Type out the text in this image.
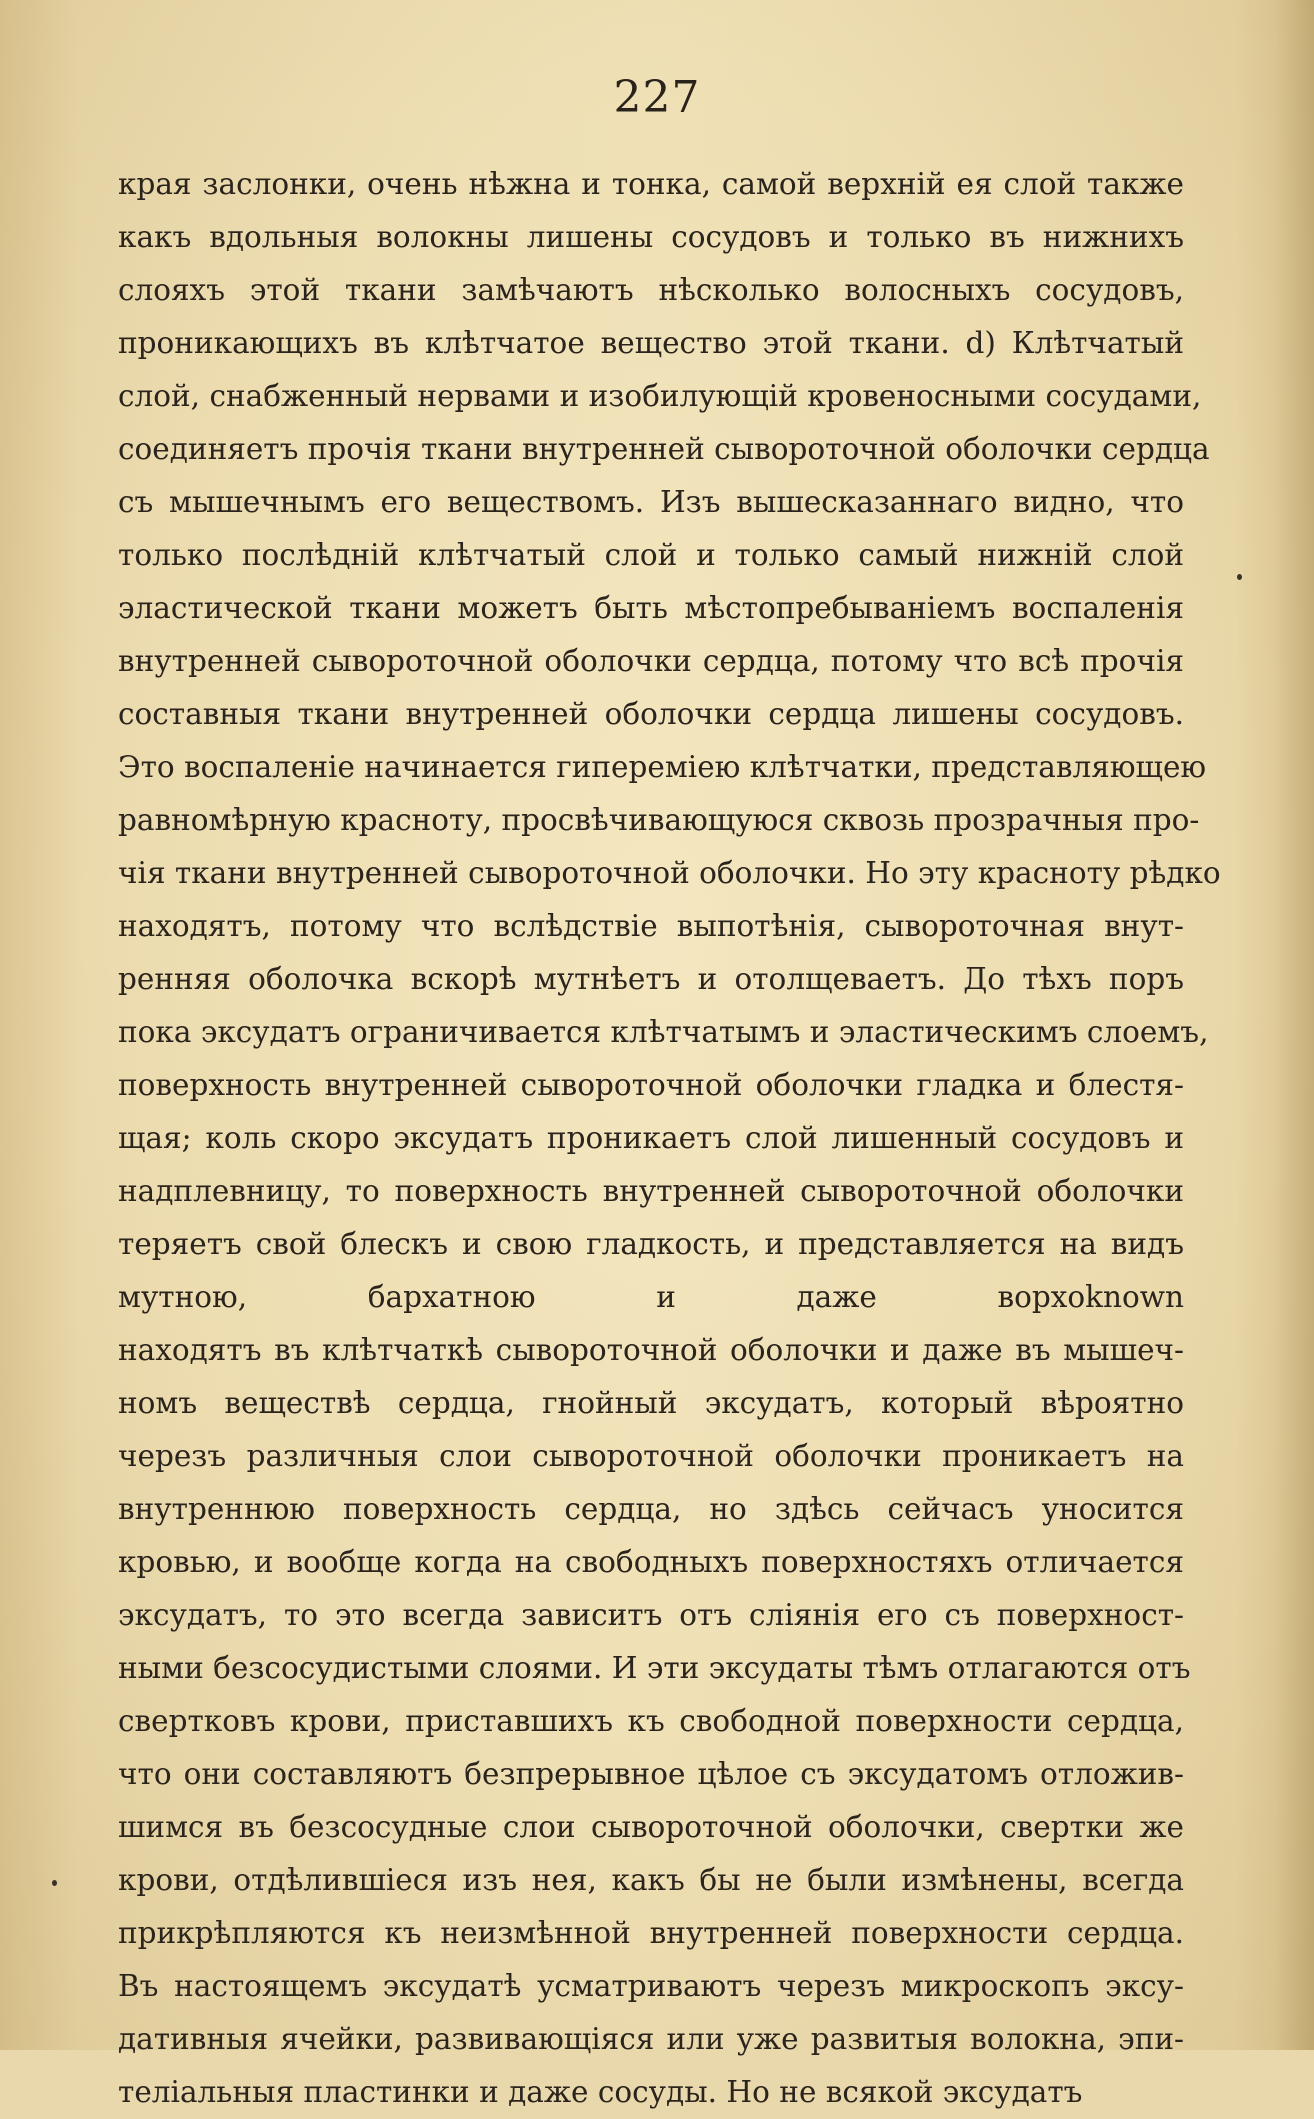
227
края заслонки, очень нѣжна и тонка, самой верхній ея слой также
какъ вдольныя волокны лишены сосудовъ и только въ нижнихъ
слояхъ этой ткани замѣчаютъ нѣсколько волосныхъ сосудовъ,
проникающихъ въ клѣтчатое вещество этой ткани. d) Клѣтчатый
слой, снабженный нервами и изобилующій кровеносными сосудами,
соединяетъ прочія ткани внутренней сывороточной оболочки сердца
съ мышечнымъ его веществомъ. Изъ вышесказаннаго видно, что
только послѣдній клѣтчатый слой и только самый нижній слой
эластической ткани можетъ быть мѣстопребываніемъ воспаленія
внутренней сывороточной оболочки сердца, потому что всѣ прочія
составныя ткани внутренней оболочки сердца лишены сосудовъ.
Это воспаленіе начинается гипереміею клѣтчатки, представляющею
равномѣрную красноту, просвѣчивающуюся сквозь прозрачныя про-
чія ткани внутренней сывороточной оболочки. Но эту красноту рѣдко
находятъ, потому что вслѣдствіе выпотѣнія, сывороточная внут-
ренняя оболочка вскорѣ мутнѣетъ и отолщеваетъ. До тѣхъ поръ
пока эксудатъ ограничивается клѣтчатымъ и эластическимъ слоемъ,
поверхность внутренней сывороточной оболочки гладка и блестя-
щая; коль скоро эксудатъ проникаетъ слой лишенный сосудовъ и
надплевницу, то поверхность внутренней сывороточной оболочки
теряетъ свой блескъ и свою гладкость, и представляется на видъ
мутною, бархатною и даже ворхоknown
находятъ въ клѣтчаткѣ сывороточной оболочки и даже въ мышеч-
номъ веществѣ сердца, гнойный эксудатъ, который вѣроятно
черезъ различныя слои сывороточной оболочки проникаетъ на
внутреннюю поверхность сердца, но здѣсь сейчасъ уносится
кровью, и вообще когда на свободныхъ поверхностяхъ отличается
эксудатъ, то это всегда зависитъ отъ сліянія его съ поверхност-
ными безсосудистыми слоями. И эти эксудаты тѣмъ отлагаются отъ
свертковъ крови, приставшихъ къ свободной поверхности сердца,
что они составляютъ безпрерывное цѣлое съ эксудатомъ отложив-
шимся въ безсосудные слои сывороточной оболочки, свертки же
крови, отдѣлившіеся изъ нея, какъ бы не были измѣнены, всегда
прикрѣпляются къ неизмѣнной внутренней поверхности сердца.
Въ настоящемъ эксудатѣ усматриваютъ черезъ микроскопъ эксу-
дативныя ячейки, развивающіяся или уже развитыя волокна, эпи-
теліальныя пластинки и даже сосуды. Но не всякой эксудатъ
